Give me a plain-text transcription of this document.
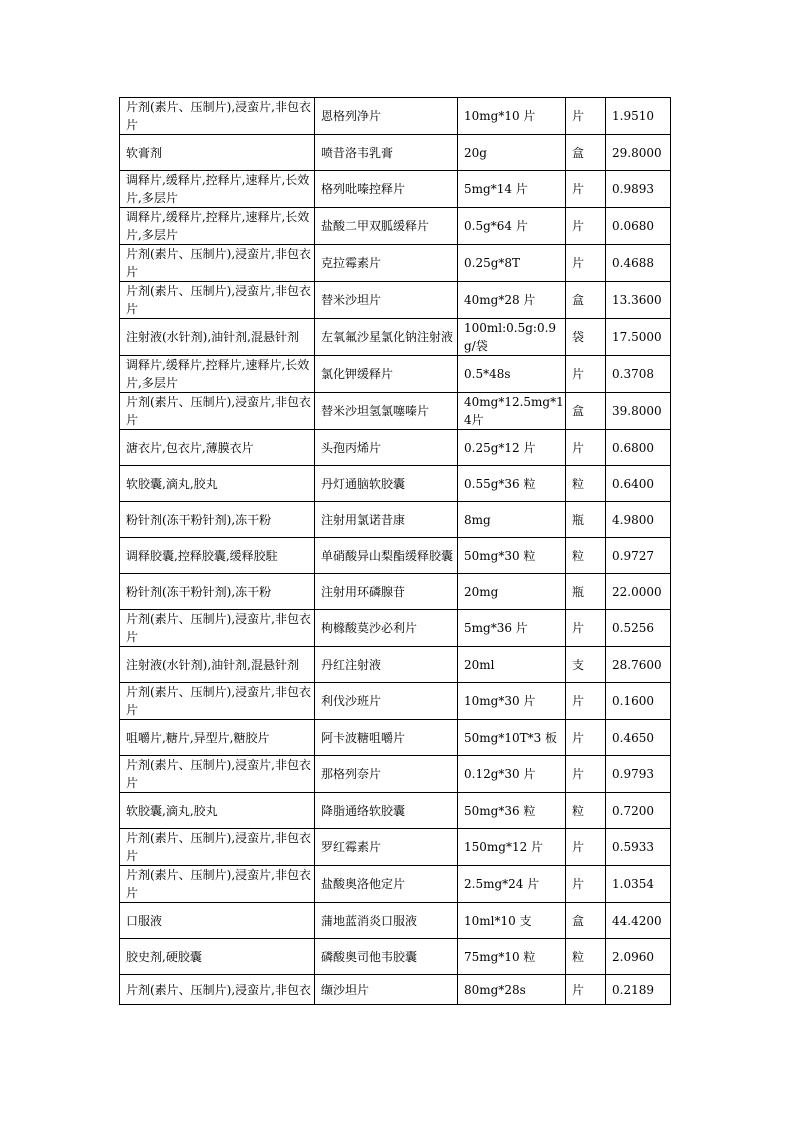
片剂(素片、压制片),浸蛮片,非包衣片	恩格列净片	10mg*10 片	片	1.9510
软膏剂	喷昔洛韦乳膏	20g	盒	29.8000
调释片,缓释片,控释片,速释片,长效片,多层片	格列吡嗪控释片	5mg*14 片	片	0.9893
调释片,缓释片,控释片,速释片,长效片,多层片	盐酸二甲双胍缓释片	0.5g*64 片	片	0.0680
片剂(素片、压制片),浸蛮片,非包衣片	克拉霉素片	0.25g*8T	片	0.4688
片剂(素片、压制片),浸蛮片,非包衣片	替米沙坦片	40mg*28 片	盒	13.3600
注射液(水针剂),油针剂,混悬针剂	左氧氟沙星氯化钠注射液	100ml:0.5g:0.9g/袋	袋	17.5000
调释片,缓释片,控释片,速释片,长效片,多层片	氯化钾缓释片	0.5*48s	片	0.3708
片剂(素片、压制片),浸蛮片,非包衣片	替米沙坦氢氯噻嗪片	40mg*12.5mg*14片	盒	39.8000
溏衣片,包衣片,薄膜衣片	头孢丙烯片	0.25g*12 片	片	0.6800
软胶囊,滴丸,胶丸	丹灯通脑软胶囊	0.55g*36 粒	粒	0.6400
粉针剂(冻干粉针剂),冻干粉	注射用氯诺昔康	8mg	瓶	4.9800
调释胶囊,控释胶囊,缓释胶駐	单硝酸异山梨酯缓释胶囊	50mg*30 粒	粒	0.9727
粉针剂(冻干粉针剂),冻干粉	注射用环磷腺苷	20mg	瓶	22.0000
片剂(素片、压制片),浸蛮片,非包衣片	枸橼酸莫沙必利片	5mg*36 片	片	0.5256
注射液(水针剂),油针剂,混悬针剂	丹红注射液	20ml	支	28.7600
片剂(素片、压制片),浸蛮片,非包衣片	利伐沙班片	10mg*30 片	片	0.1600
咀嚼片,糖片,异型片,糖胶片	阿卡波糖咀嚼片	50mg*10T*3 板	片	0.4650
片剂(素片、压制片),浸蛮片,非包衣片	那格列奈片	0.12g*30 片	片	0.9793
软胶囊,滴丸,胶丸	降脂通络软胶囊	50mg*36 粒	粒	0.7200
片剂(素片、压制片),浸蛮片,非包衣片	罗红霉素片	150mg*12 片	片	0.5933
片剂(素片、压制片),浸蛮片,非包衣片	盐酸奥洛他定片	2.5mg*24 片	片	1.0354
口服液	蒲地蓝消炎口服液	10ml*10 支	盒	44.4200
胶史剂,硬胶囊	磷酸奥司他韦胶囊	75mg*10 粒	粒	2.0960
片剂(素片、压制片),浸蛮片,非包衣	缬沙坦片	80mg*28s	片	0.2189
